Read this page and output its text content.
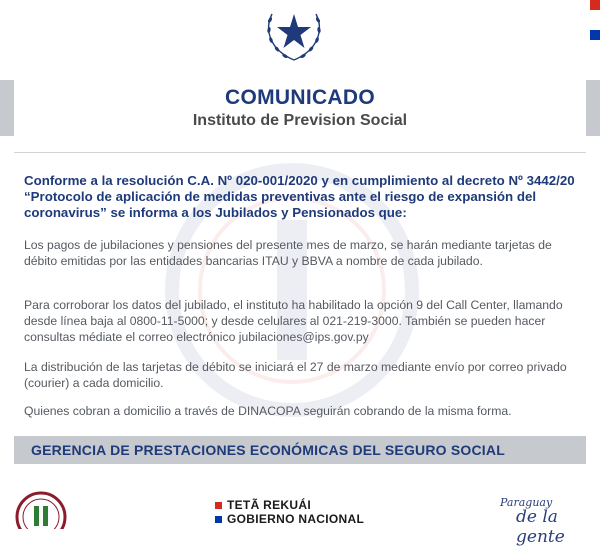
COMUNICADO
Instituto de Prevision Social

Conforme a la resolución C.A. Nº 020-001/2020 y en cumplimiento al decreto Nº 3442/20 “Protocolo de aplicación de medidas preventivas ante el riesgo de expansión del coronavirus” se informa a los Jubilados y Pensionados que:

Los pagos de jubilaciones y pensiones del presente mes de marzo, se harán mediante tarjetas de débito emitidas por las entidades bancarias ITAU y BBVA a nombre de cada jubilado.

Para corroborar los datos del jubilado, el instituto ha habilitado la opción 9 del Call Center, llamando desde línea baja al 0800-11-5000; y desde celulares al 021-219-3000. También se pueden hacer consultas médiate el correo electrónico jubilaciones@ips.gov.py

La distribución de las tarjetas de débito se iniciará el 27 de marzo mediante envío por correo privado (courier) a cada domicilio.

Quienes cobran a domicilio a través de DINACOPA seguirán cobrando de la misma forma.

GERENCIA DE PRESTACIONES ECONÓMICAS DEL SEGURO SOCIAL
TETÃ REKUÁI
GOBIERNO NACIONAL
Paraguay
de la gente
